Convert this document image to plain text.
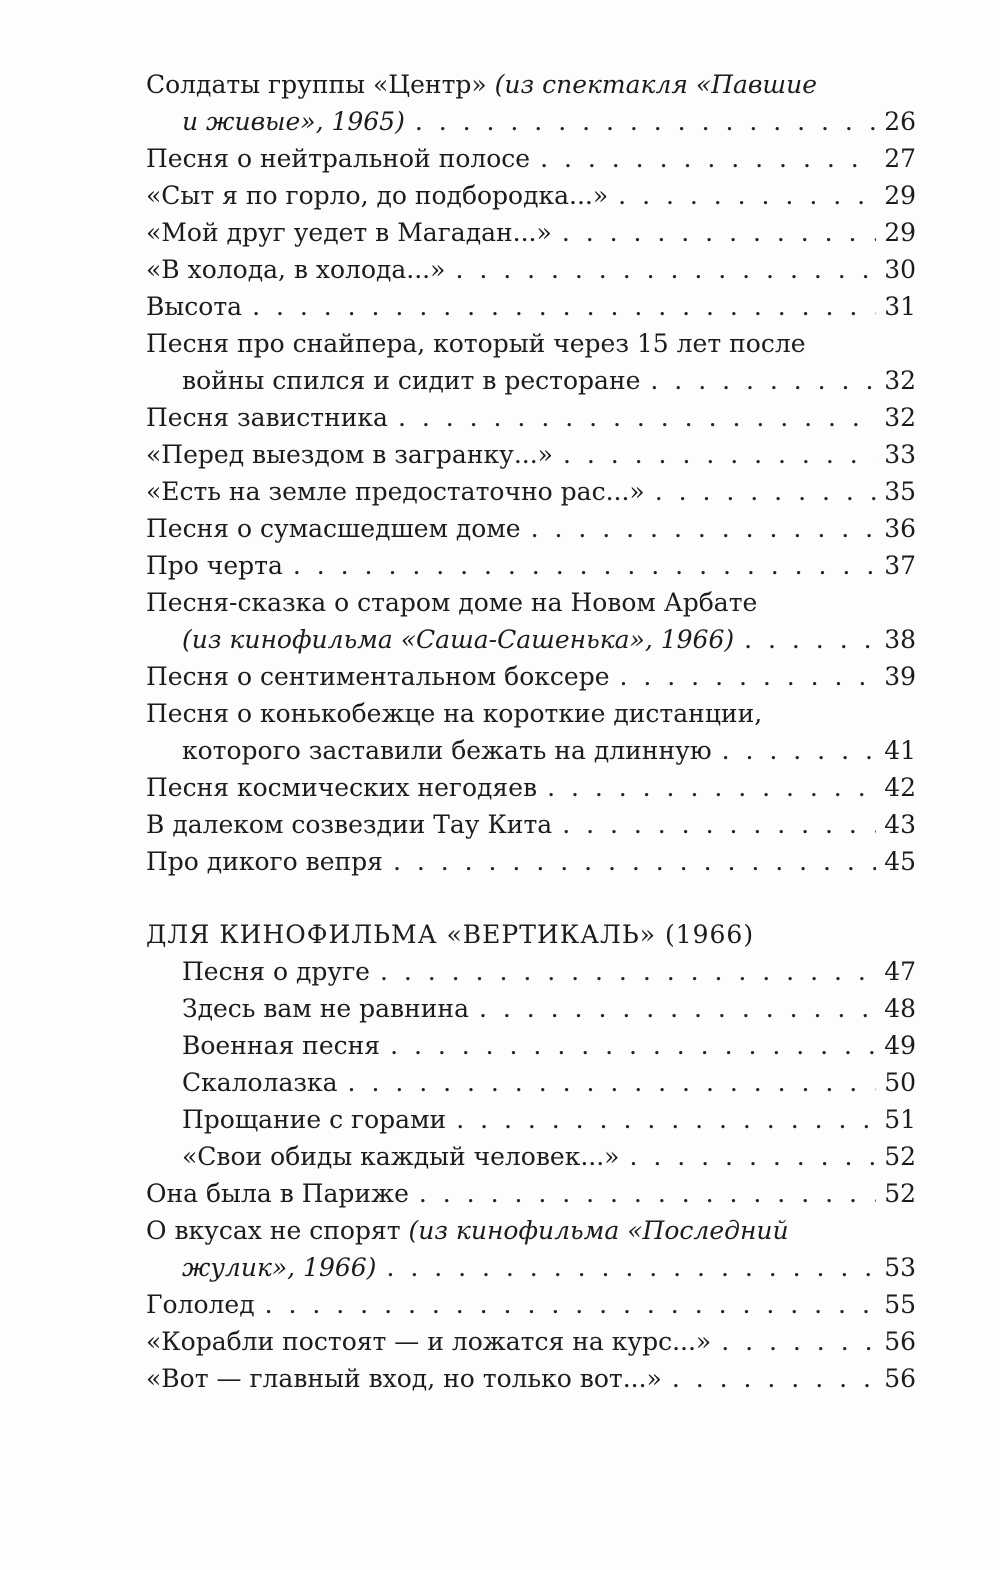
Солдаты группы «Центр» (из спектакля «Павшие
и живые», 1965) . . .	26
Песня о нейтральной полосе . . .	27
«Сыт я по горло, до подбородка...» . . .	29
«Мой друг уедет в Магадан...» . . .	29
«В холода, в холода...» . . .	30
Высота . . .	31
Песня про снайпера, который через 15 лет после
войны спился и сидит в ресторане . . .	32
Песня завистника . . .	32
«Перед выездом в загранку...» . . .	33
«Есть на земле предостаточно рас...» . . .	35
Песня о сумасшедшем доме . . .	36
Про черта . . .	37
Песня-сказка о старом доме на Новом Арбате
(из кинофильма «Саша-Сашенька», 1966) . . .	38
Песня о сентиментальном боксере . . .	39
Песня о конькобежце на короткие дистанции,
которого заставили бежать на длинную . . .	41
Песня космических негодяев . . .	42
В далеком созвездии Тау Кита . . .	43
Про дикого вепря . . .	45
ДЛЯ КИНОФИЛЬМА «ВЕРТИКАЛЬ» (1966)
Песня о друге . . .	47
Здесь вам не равнина . . .	48
Военная песня . . .	49
Скалолазка . . .	50
Прощание с горами . . .	51
«Свои обиды каждый человек...» . . .	52
Она была в Париже . . .	52
О вкусах не спорят (из кинофильма «Последний
жулик», 1966) . . .	53
Гололед . . .	55
«Корабли постоят — и ложатся на курс...» . . .	56
«Вот — главный вход, но только вот...» . . .	56
